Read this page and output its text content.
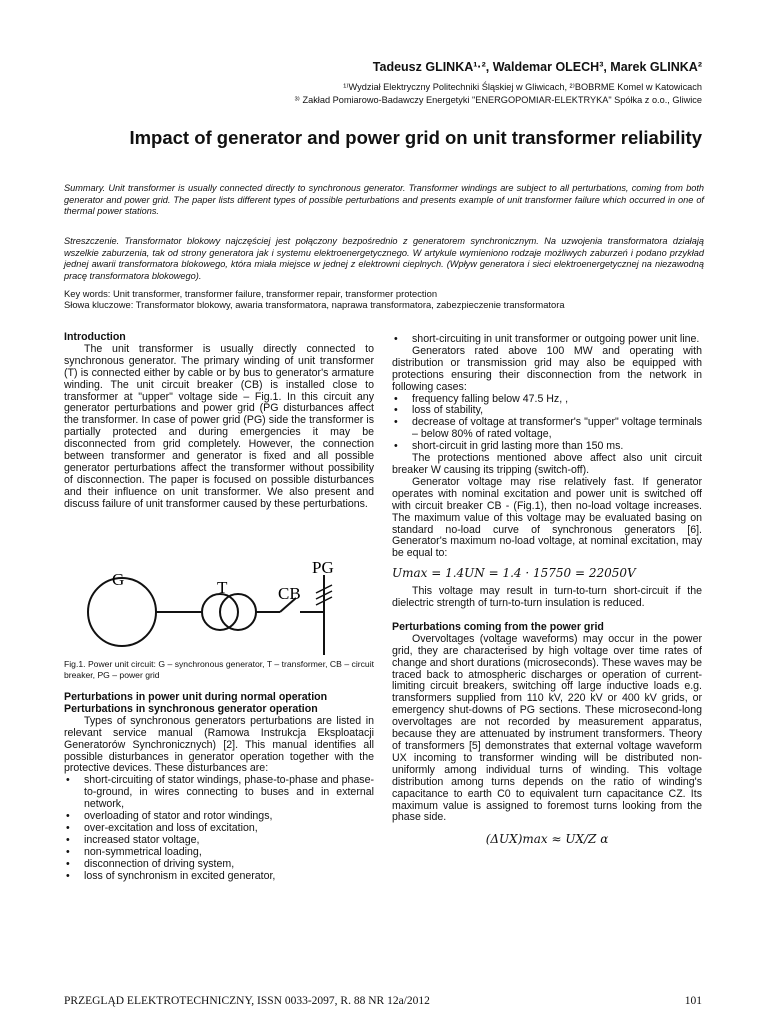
Tadeusz GLINKA¹·², Waldemar OLECH³, Marek GLINKA²
¹⁾Wydział Elektryczny Politechniki Śląskiej w Gliwicach, ²⁾BOBRME Komel w Katowicach
³⁾ Zakład Pomiarowo-Badawczy Energetyki "ENERGOPOMIAR-ELEKTRYKA" Spółka z o.o., Gliwice
Impact of generator and power grid on unit transformer reliability
Summary. Unit transformer is usually connected directly to synchronous generator. Transformer windings are subject to all perturbations, coming from both generator and power grid. The paper lists different types of possible perturbations and presents example of unit transformer failure which occurred in one of thermal power stations.
Streszczenie. Transformator blokowy najczęściej jest połączony bezpośrednio z generatorem synchronicznym. Na uzwojenia transformatora działają wszelkie zaburzenia, tak od strony generatora jak i systemu elektroenergetycznego. W artykule wymieniono rodzaje możliwych zaburzeń i podano przykład jednej awarii transformatora blokowego, która miała miejsce w jednej z elektrowni cieplnych. (Wpływ generatora i sieci elektroenergetycznej na niezawodną pracę transformatora blokowego).
Key words: Unit transformer, transformer failure, transformer repair, transformer protection
Słowa kluczowe: Transformator blokowy, awaria transformatora, naprawa transformatora, zabezpieczenie transformatora
Introduction

The unit transformer is usually directly connected to synchronous generator. The primary winding of unit transformer (T) is connected either by cable or by bus to generator's armature winding. The unit circuit breaker (CB) is installed close to transformer at "upper" voltage side – Fig.1. In this circuit any generator perturbations and power grid (PG disturbances affect the transformer. In case of power grid (PG) side the transformer is partially protected and during emergencies it may be disconnected from grid completely. However, the connection between transformer and generator is fixed and all possible generator perturbations affect the transformer without possibility of disconnection. The paper is focused on possible disturbances and their influence on unit transformer. We also present and discuss failure of unit transformer caused by these perturbations.

G	T	CB
PG
Fig.1. Power unit circuit: G – synchronous generator, T – transformer, CB – circuit breaker, PG – power grid
Perturbations in power unit during normal operation
Perturbations in synchronous generator operation

Types of synchronous generators perturbations are listed in relevant service manual (Ramowa Instrukcja Eksploatacji Generatorów Synchronicznych) [2]. This manual identifies all possible disturbances in generator operation together with the protective devices. These disturbances are:

• short-circuiting of stator windings, phase-to-phase and phase-to-ground, in wires connecting to buses and in external network,
• overloading of stator and rotor windings,
• over-excitation and loss of excitation,
• increased stator voltage,
• non-symmetrical loading,
• disconnection of driving system,
• loss of synchronism in excited generator,
• short-circuiting in unit transformer or outgoing power unit line.

Generators rated above 100 MW and operating with distribution or transmission grid may also be equipped with protections ensuring their disconnection from the network in following cases:

• frequency falling below 47.5 Hz, ,
• loss of stability,
• decrease of voltage at transformer's "upper" voltage terminals – below 80% of rated voltage,
• short-circuit in grid lasting more than 150 ms.

The protections mentioned above affect also unit circuit breaker W causing its tripping (switch-off).

Generator voltage may rise relatively fast. If generator operates with nominal excitation and power unit is switched off with circuit breaker CB - (Fig.1), then no-load voltage increases. The maximum value of this voltage may be evaluated basing on standard no-load curve of synchronous generators [6]. Generator's maximum no-load voltage, at nominal excitation, may be equal to:

Umax = 1.4UN = 1.4 · 15750 = 22050V

This voltage may result in turn-to-turn short-circuit if the dielectric strength of turn-to-turn insulation is reduced.

Perturbations coming from the power grid

Overvoltages (voltage waveforms) may occur in the power grid, they are characterised by high voltage over time rates of change and short durations (microseconds). These waves may be traced back to atmospheric discharges or operation of current-limiting circuit breakers, switching off large inductive loads e.g. transformers supplied from 110 kV, 220 kV or 400 kV grids, or emergency shut-downs of PG sections. These microsecond-long overvoltages are not recorded by measurement apparatus, because they are attenuated by instrument transformers. Theory of transformers [5] demonstrates that external voltage waveform UX incoming to transformer winding will be distributed non-uniformly among individual turns of winding. This voltage distribution among turns depends on the ratio of winding's capacitance to earth C0 to equivalent turn capacitance CZ. Its maximum value is assigned to foremost turns looking from the phase side.

(ΔUX)max ≈ UX/Z α
PRZEGLĄD ELEKTROTECHNICZNY, ISSN 0033-2097, R. 88 NR 12a/2012	101
